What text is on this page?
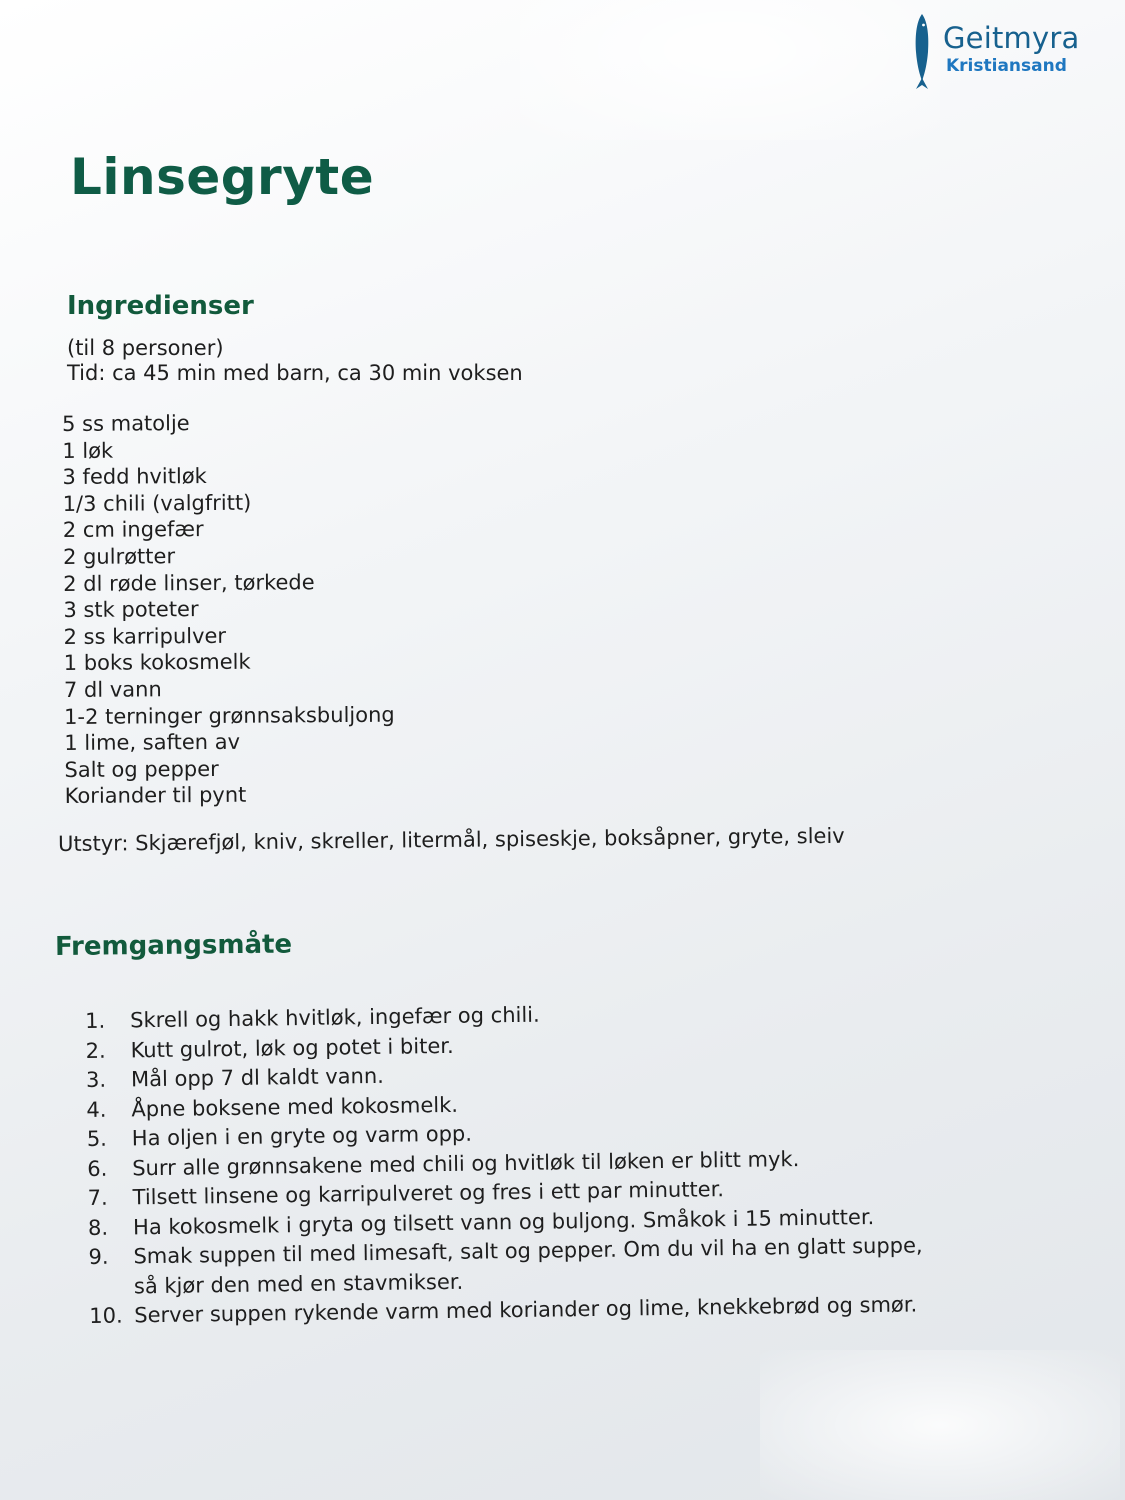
Geitmyra
Kristiansand
Linsegryte
Ingredienser
(til 8 personer)
Tid: ca 45 min med barn, ca 30 min voksen
5 ss matolje
1 løk
3 fedd hvitløk
1/3 chili (valgfritt)
2 cm ingefær
2 gulrøtter
2 dl røde linser, tørkede
3 stk poteter
2 ss karripulver
1 boks kokosmelk
7 dl vann
1-2 terninger grønnsaksbuljong
1 lime, saften av
Salt og pepper
Koriander til pynt
Utstyr: Skjærefjøl, kniv, skreller, litermål, spiseskje, boksåpner, gryte, sleiv
Fremgangsmåte
1. Skrell og hakk hvitløk, ingefær og chili.
2. Kutt gulrot, løk og potet i biter.
3. Mål opp 7 dl kaldt vann.
4. Åpne boksene med kokosmelk.
5. Ha oljen i en gryte og varm opp.
6. Surr alle grønnsakene med chili og hvitløk til løken er blitt myk.
7. Tilsett linsene og karripulveret og fres i ett par minutter.
8. Ha kokosmelk i gryta og tilsett vann og buljong. Småkok i 15 minutter.
9. Smak suppen til med limesaft, salt og pepper. Om du vil ha en glatt suppe,
så kjør den med en stavmikser.
10. Server suppen rykende varm med koriander og lime, knekkebrød og smør.
